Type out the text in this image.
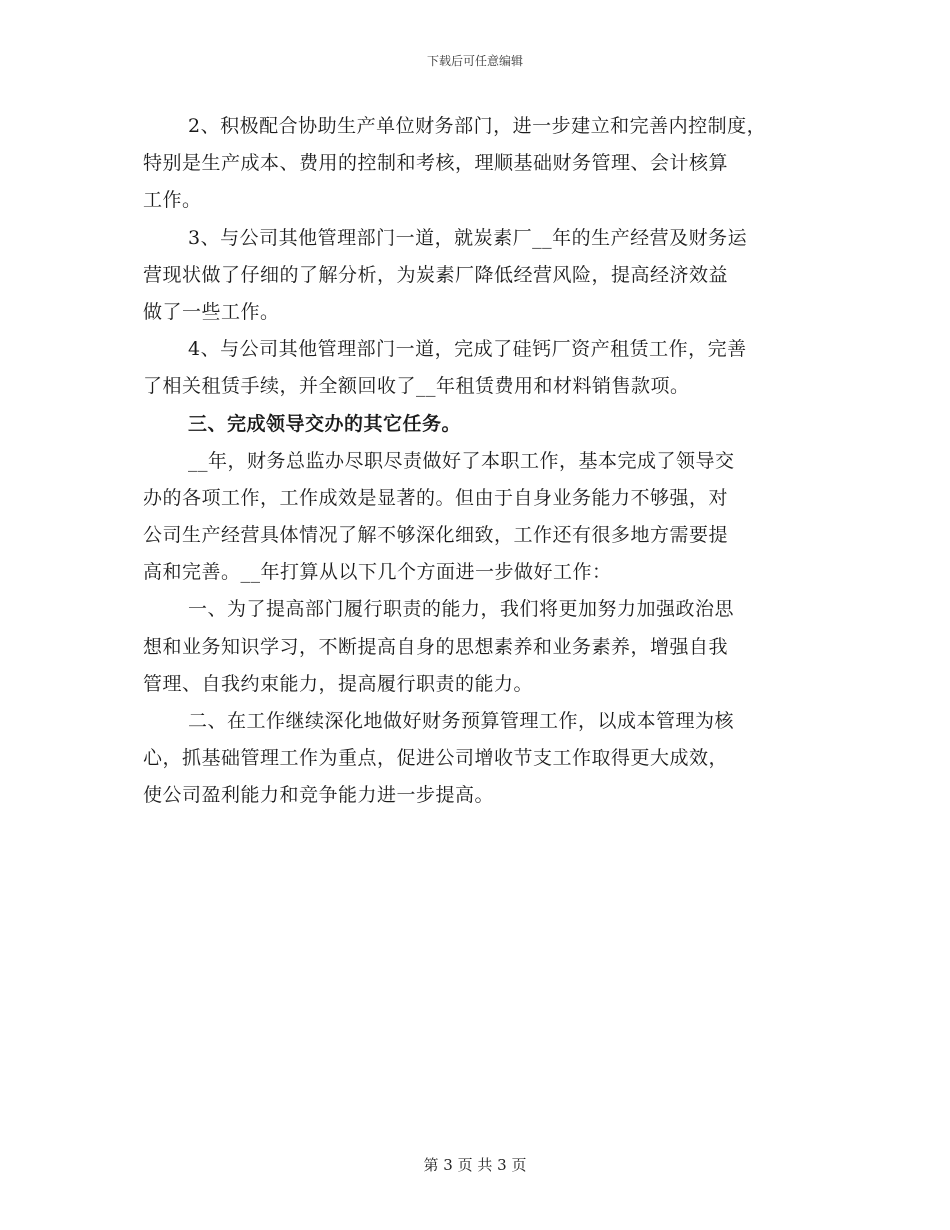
下载后可任意编辑
2、积极配合协助生产单位财务部门，进一步建立和完善内控制度，
特别是生产成本、费用的控制和考核，理顺基础财务管理、会计核算
工作。
3、与公司其他管理部门一道，就炭素厂__年的生产经营及财务运
营现状做了仔细的了解分析，为炭素厂降低经营风险，提高经济效益
做了一些工作。
4、与公司其他管理部门一道，完成了硅钙厂资产租赁工作，完善
了相关租赁手续，并全额回收了__年租赁费用和材料销售款项。
三、完成领导交办的其它任务。
__年，财务总监办尽职尽责做好了本职工作，基本完成了领导交
办的各项工作，工作成效是显著的。但由于自身业务能力不够强，对
公司生产经营具体情况了解不够深化细致，工作还有很多地方需要提
高和完善。__年打算从以下几个方面进一步做好工作：
一、为了提高部门履行职责的能力，我们将更加努力加强政治思
想和业务知识学习，不断提高自身的思想素养和业务素养，增强自我
管理、自我约束能力，提高履行职责的能力。
二、在工作继续深化地做好财务预算管理工作，以成本管理为核
心，抓基础管理工作为重点，促进公司增收节支工作取得更大成效，
使公司盈利能力和竞争能力进一步提高。
第 3 页 共 3 页
